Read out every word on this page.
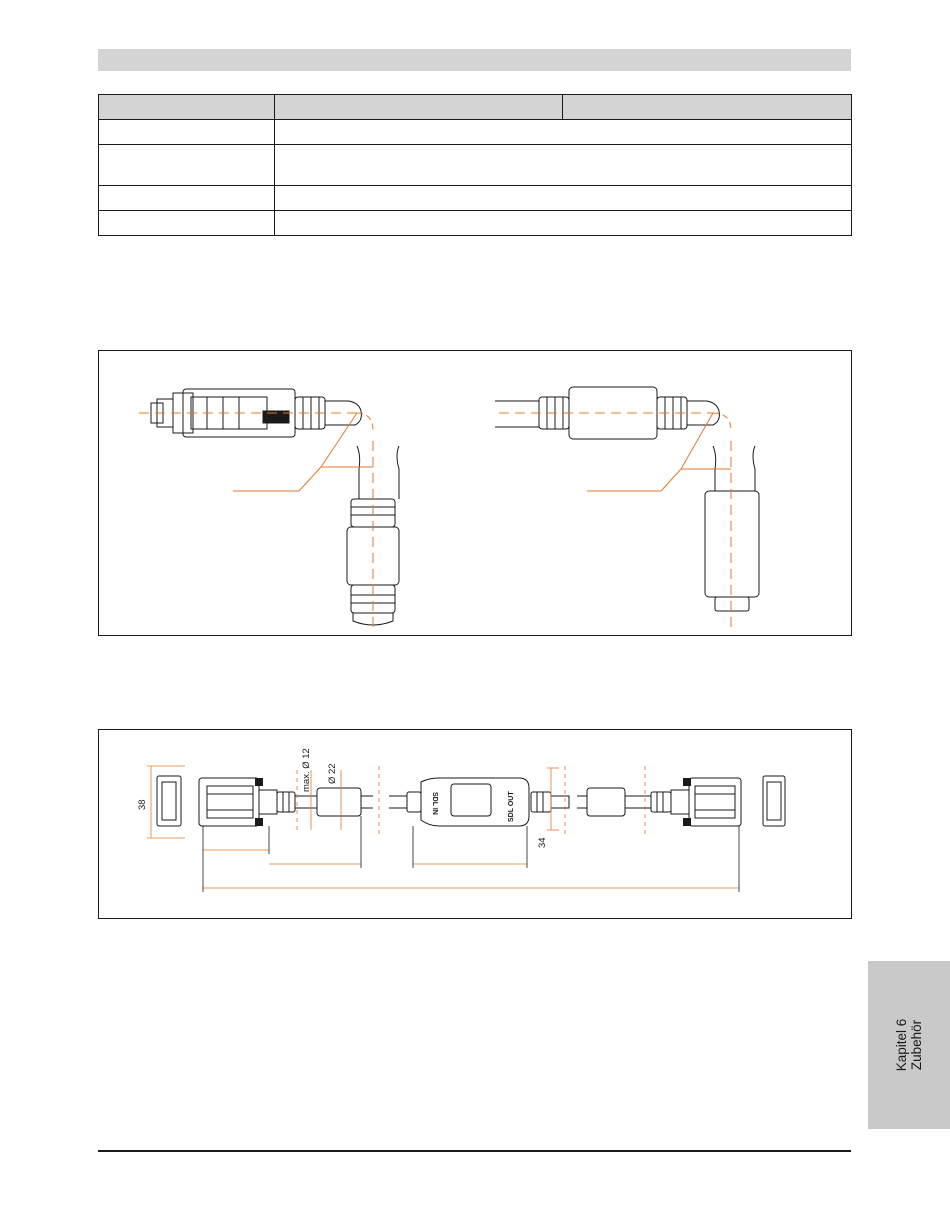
38
max. Ø 12 Ø 22
34
SDL IN	SDL OUT
Kapitel 6 Zubehör
